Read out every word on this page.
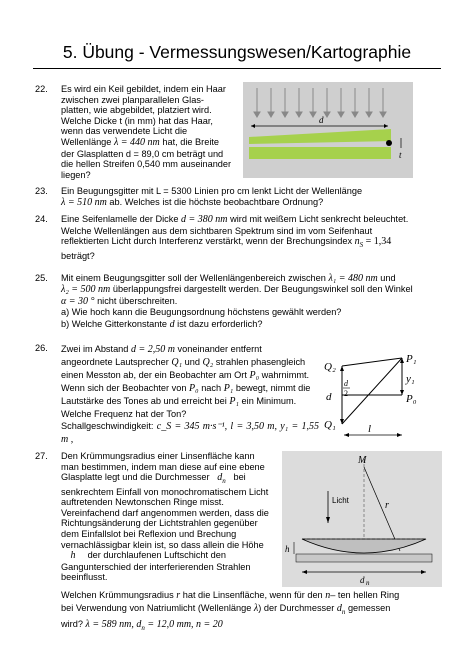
5. Übung - Vermessungswesen/Kartographie
22. Es wird ein Keil gebildet, indem ein Haar

zwischen zwei planparallelen Glas-

platten, wie abgebildet, platziert wird.

Welche Dicke t (in mm) hat das Haar,

wenn das verwendete Licht die

Wellenlänge λ = 440 nm hat, die Breite

der Glasplatten d = 89,0 cm beträgt und

die hellen Streifen 0,540 mm auseinander

liegen?

d
t
23. Ein Beugungsgitter mit L = 5300 Linien pro cm lenkt Licht der Wellenlänge

λ = 510 nm ab. Welches ist die höchste beobachtbare Ordnung?

24. Eine Seifenlamelle der Dicke d = 380 nm wird mit weißem Licht senkrecht beleuchtet.

Welche Wellenlängen aus dem sichtbaren Spektrum sind im vom Seifenhaut

reflektierten Licht durch Interferenz verstärkt, wenn der Brechungsindex $n_S = 1,34$

beträgt?

25. Mit einem Beugungsgitter soll der Wellenlängenbereich zwischen λ₁ = 480 nm und

λ₂ = 500 nm überlappungsfrei dargestellt werden. Der Beugungswinkel soll den Winkel

α = 30 ° nicht überschreiten.

a) Wie hoch kann die Beugungsordnung höchstens gewählt werden?

b) Welche Gitterkonstante d ist dazu erforderlich?

26. Zwei im Abstand d = 2,50 m voneinander entfernt

angeordnete Lautsprecher Q₁ und Q₂ strahlen phasengleich

einen Messton ab, der ein Beobachter am Ort P₀ wahrnimmt.

Wenn sich der Beobachter von P₀ nach P₁ bewegt, nimmt die

Lautstärke des Tones ab und erreicht bei P₁ ein Minimum.

Welche Frequenz hat der Ton?

Schallgeschwindigkeit: c_S = 345 m·s⁻¹, l = 3,50 m, y₁ = 1,55 m ,

Q₂
Q₁
d
d
2
P₁
y₁
P₀
l
27. Den Krümmungsradius einer Linsenfläche kann

man bestimmen, indem man diese auf eine ebene

Glasplatte legt und die Durchmesser $d_n$ bei

senkrechtem Einfall von monochromatischem Licht

auftretenden Newtonschen Ringe misst.

Vereinfachend darf angenommen werden, dass die

Richtungsänderung der Lichtstrahlen gegenüber

dem Einfallslot bei Reflexion und Brechung

vernachlässigbar klein ist, so dass allein die Höhe

h der durchlaufenen Luftschicht den

Gangunterschied der interferierenden Strahlen

beeinflusst.

Welchen Krümmungsradius r hat die Linsenfläche, wenn für den n– ten hellen Ring

bei Verwendung von Natriumlicht (Wellenlänge λ) der Durchmesser $d_n$ gemessen

wird? λ = 589 nm, $d_n = 12,0$ mm, n = 20

M
r
Licht
h
d n
